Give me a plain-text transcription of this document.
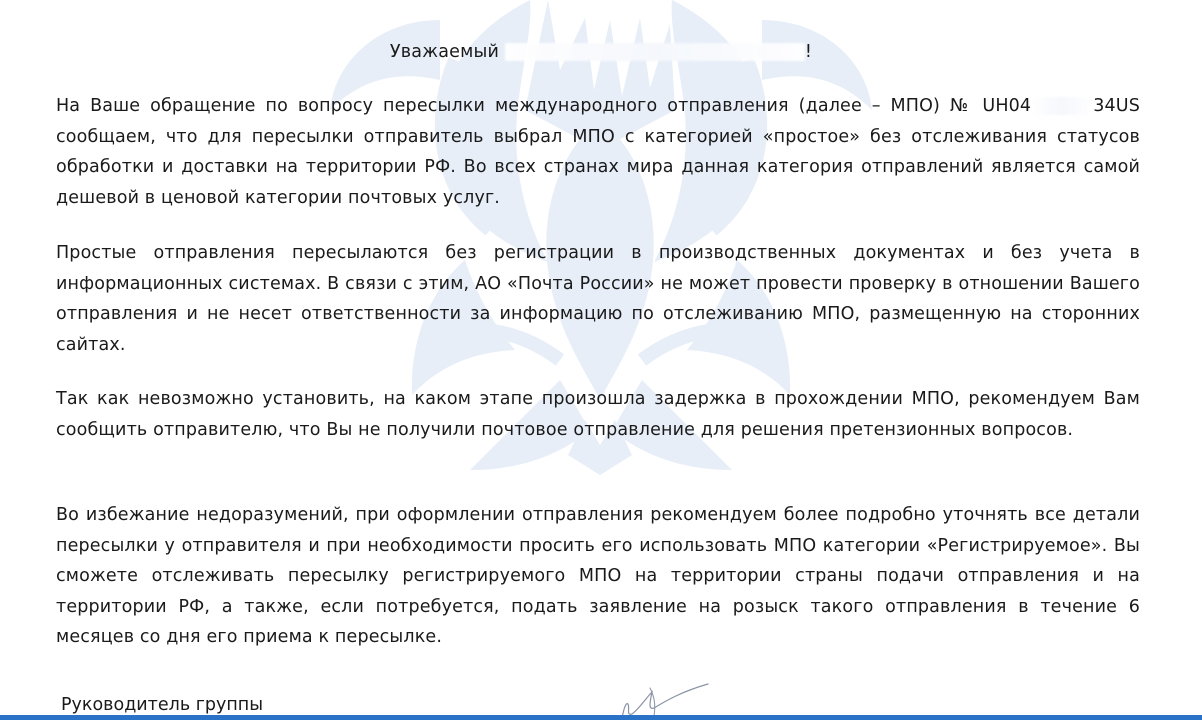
Уважаемый	!

На Ваше обращение по вопросу пересылки международного отправления (далее – МПО) № UH04	34US сообщаем, что для пересылки отправитель выбрал МПО с категорией «простое» без отслеживания статусов обработки и доставки на территории РФ. Во всех странах мира данная категория отправлений является самой дешевой в ценовой категории почтовых услуг.

Простые отправления пересылаются без регистрации в производственных документах и без учета в информационных системах. В связи с этим, АО «Почта России» не может провести проверку в отношении Вашего отправления и не несет ответственности за информацию по отслеживанию МПО, размещенную на сторонних сайтах.

Так как невозможно установить, на каком этапе произошла задержка в прохождении МПО, рекомендуем Вам сообщить отправителю, что Вы не получили почтовое отправление для решения претензионных вопросов.

Во избежание недоразумений, при оформлении отправления рекомендуем более подробно уточнять все детали пересылки у отправителя и при необходимости просить его использовать МПО категории «Регистрируемое». Вы сможете отслеживать пересылку регистрируемого МПО на территории страны подачи отправления и на территории РФ, а также, если потребуется, подать заявление на розыск такого отправления в течение 6 месяцев со дня его приема к пересылке.

Руководитель группы
